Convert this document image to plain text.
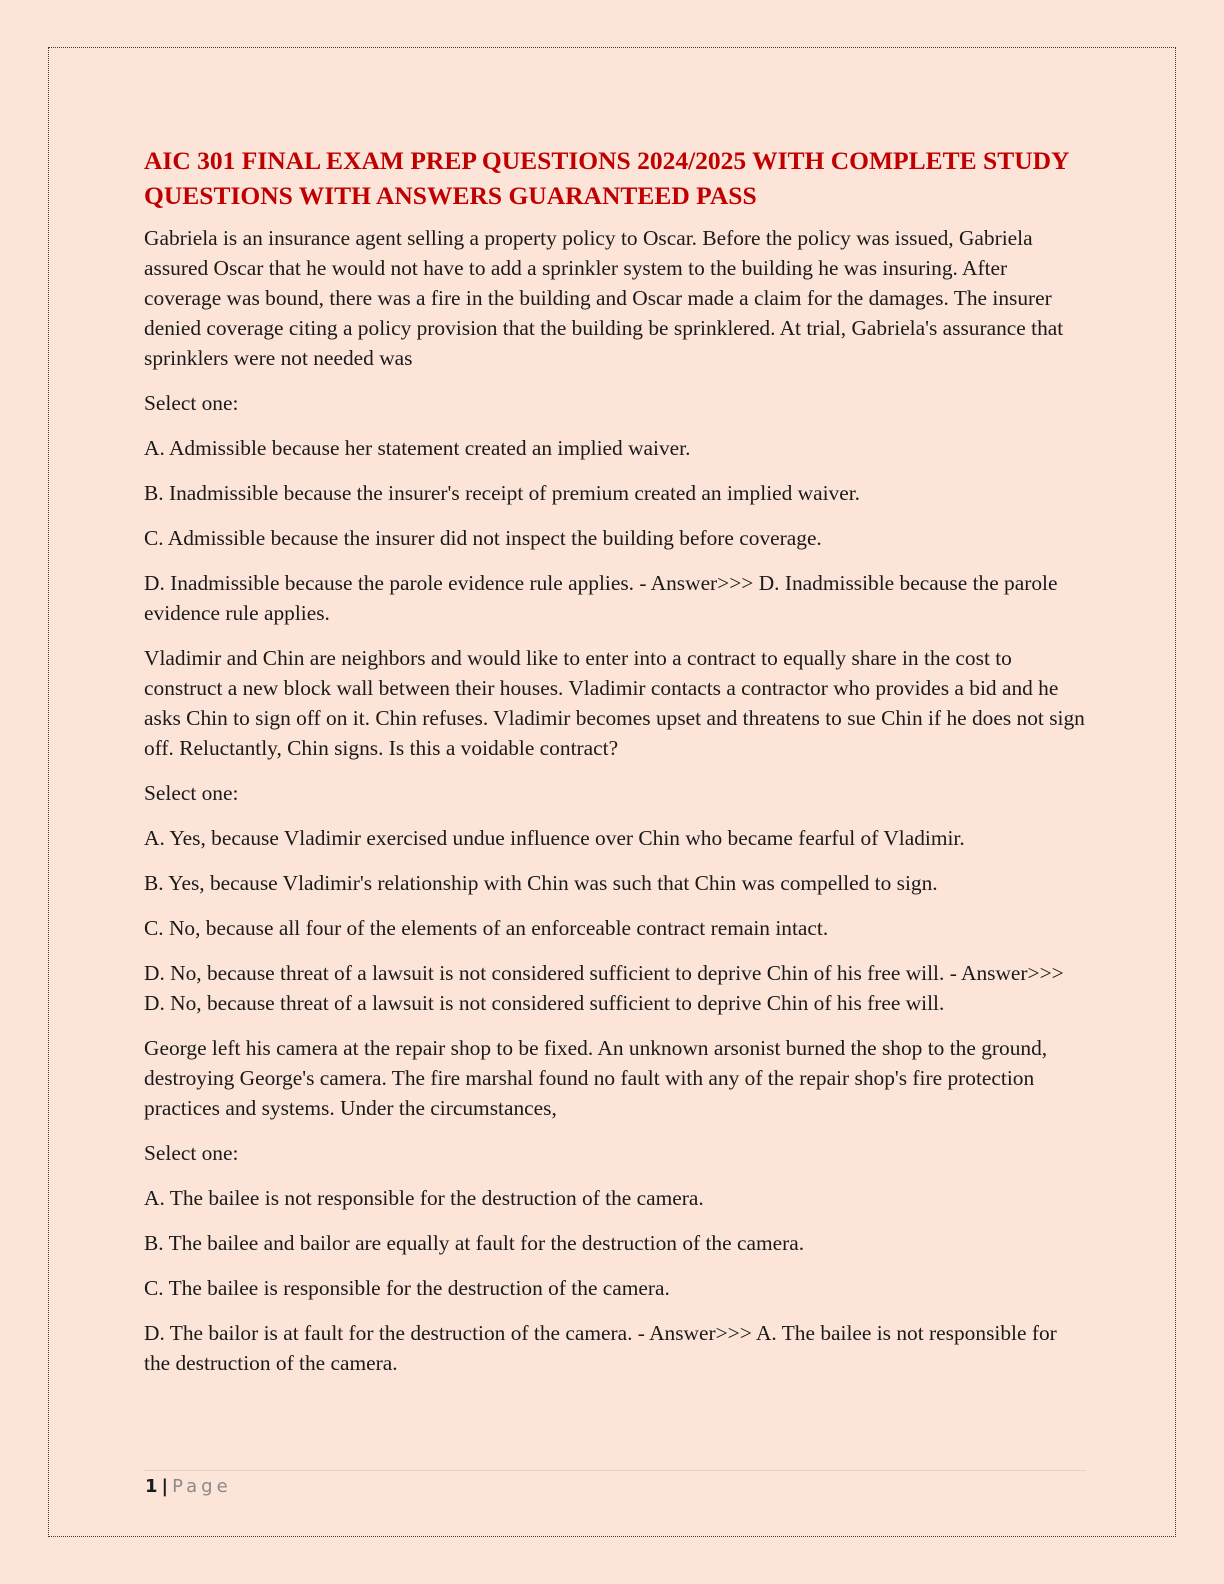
AIC 301 FINAL EXAM PREP QUESTIONS 2024/2025 WITH COMPLETE STUDY QUESTIONS WITH ANSWERS GUARANTEED PASS

Gabriela is an insurance agent selling a property policy to Oscar. Before the policy was issued, Gabriela assured Oscar that he would not have to add a sprinkler system to the building he was insuring. After coverage was bound, there was a fire in the building and Oscar made a claim for the damages. The insurer denied coverage citing a policy provision that the building be sprinklered. At trial, Gabriela's assurance that sprinklers were not needed was

Select one:

A. Admissible because her statement created an implied waiver.

B. Inadmissible because the insurer's receipt of premium created an implied waiver.

C. Admissible because the insurer did not inspect the building before coverage.

D. Inadmissible because the parole evidence rule applies. - Answer>>> D. Inadmissible because the parole evidence rule applies.

Vladimir and Chin are neighbors and would like to enter into a contract to equally share in the cost to construct a new block wall between their houses. Vladimir contacts a contractor who provides a bid and he asks Chin to sign off on it. Chin refuses. Vladimir becomes upset and threatens to sue Chin if he does not sign off. Reluctantly, Chin signs. Is this a voidable contract?

Select one:

A. Yes, because Vladimir exercised undue influence over Chin who became fearful of Vladimir.

B. Yes, because Vladimir's relationship with Chin was such that Chin was compelled to sign.

C. No, because all four of the elements of an enforceable contract remain intact.

D. No, because threat of a lawsuit is not considered sufficient to deprive Chin of his free will. - Answer>>> D. No, because threat of a lawsuit is not considered sufficient to deprive Chin of his free will.

George left his camera at the repair shop to be fixed. An unknown arsonist burned the shop to the ground, destroying George's camera. The fire marshal found no fault with any of the repair shop's fire protection practices and systems. Under the circumstances,

Select one:

A. The bailee is not responsible for the destruction of the camera.

B. The bailee and bailor are equally at fault for the destruction of the camera.

C. The bailee is responsible for the destruction of the camera.

D. The bailor is at fault for the destruction of the camera. - Answer>>> A. The bailee is not responsible for the destruction of the camera.

1 | Page
